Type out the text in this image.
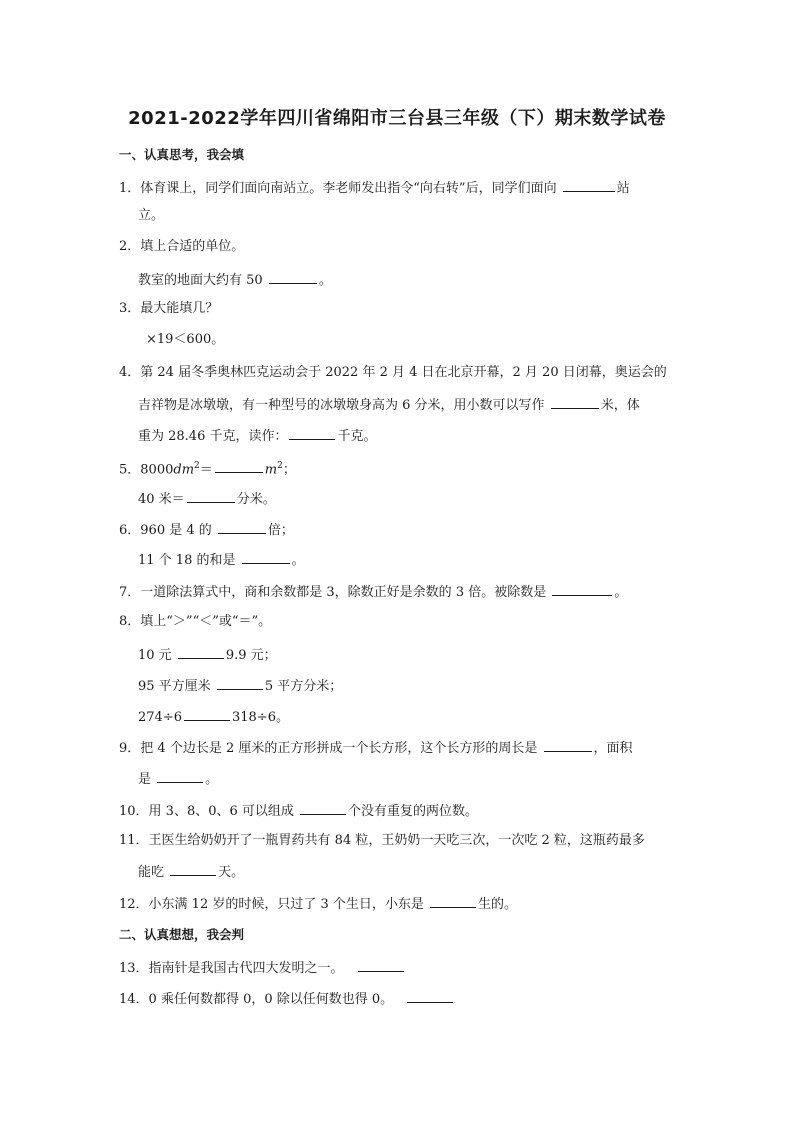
2021-2022学年四川省绵阳市三台县三年级（下）期末数学试卷
一、认真思考，我会填
1．体育课上，同学们面向南站立。李老师发出指令“向右转”后，同学们面向	站
立。
2．填上合适的单位。
教室的地面大约有 50	。
3．最大能填几？
×19＜600。
4．第 24 届冬季奥林匹克运动会于 2022 年 2 月 4 日在北京开幕，2 月 20 日闭幕，奥运会的
吉祥物是冰墩墩，有一种型号的冰墩墩身高为 6 分米，用小数可以写作	米，体
重为 28.46 千克，读作：	千克。
5．$8000dm^2=$	$m^2$；
40 米＝	分米。
6．960 是 4 的	倍；
11 个 18 的和是	。
7．一道除法算式中，商和余数都是 3，除数正好是余数的 3 倍。被除数是	。
8．填上“＞”“＜”或“＝”。
10 元	9.9 元；
95 平方厘米	5 平方分米；
274÷6	318÷6。
9．把 4 个边长是 2 厘米的正方形拼成一个长方形，这个长方形的周长是	，面积
是	。
10．用 3、8、0、6 可以组成	个没有重复的两位数。
11．王医生给奶奶开了一瓶胃药共有 84 粒，王奶奶一天吃三次，一次吃 2 粒，这瓶药最多
能吃	天。
12．小东满 12 岁的时候，只过了 3 个生日，小东是	生的。
二、认真想想，我会判
13．指南针是我国古代四大发明之一。
14．0 乘任何数都得 0，0 除以任何数也得 0。
